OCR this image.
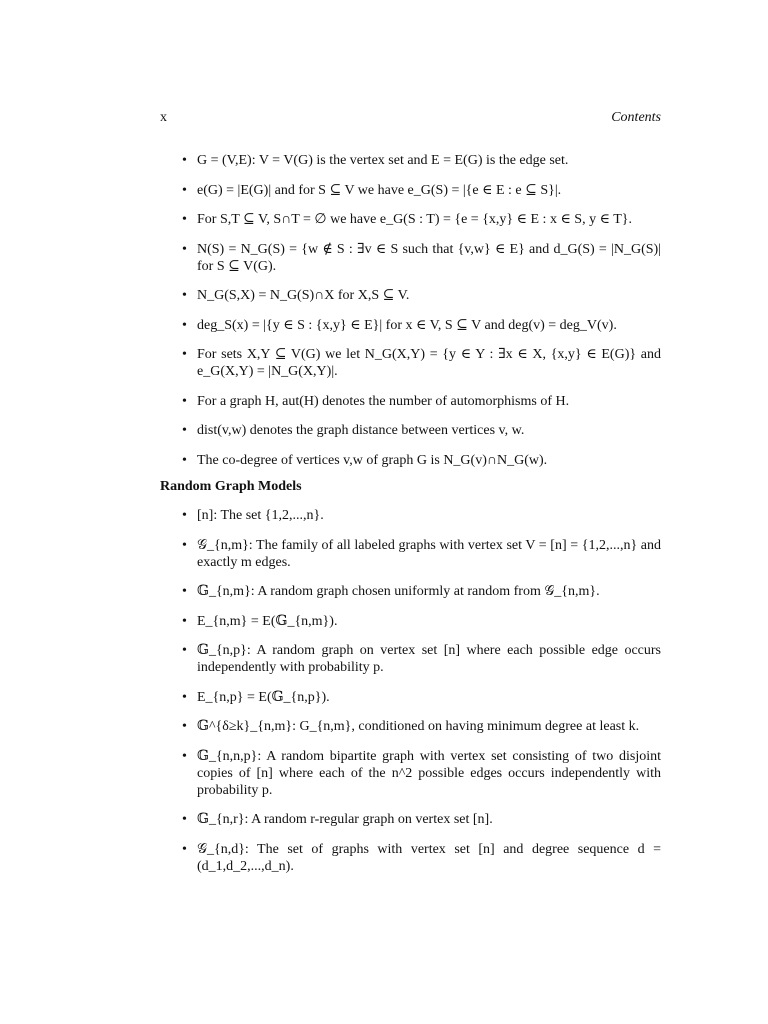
x	Contents
• G = (V,E): V = V(G) is the vertex set and E = E(G) is the edge set.
• e(G) = |E(G)| and for S ⊆ V we have e_G(S) = |{e ∈ E : e ⊆ S}|.
• For S,T ⊆ V, S∩T = ∅ we have e_G(S : T) = {e = {x,y} ∈ E : x ∈ S, y ∈ T}.
• N(S) = N_G(S) = {w ∉ S : ∃v ∈ S such that {v,w} ∈ E} and d_G(S) = |N_G(S)| for S ⊆ V(G).
• N_G(S,X) = N_G(S)∩X for X,S ⊆ V.
• deg_S(x) = |{y ∈ S : {x,y} ∈ E}| for x ∈ V, S ⊆ V and deg(v) = deg_V(v).
• For sets X,Y ⊆ V(G) we let N_G(X,Y) = {y ∈ Y : ∃x ∈ X, {x,y} ∈ E(G)} and e_G(X,Y) = |N_G(X,Y)|.
• For a graph H, aut(H) denotes the number of automorphisms of H.
• dist(v,w) denotes the graph distance between vertices v, w.
• The co-degree of vertices v,w of graph G is N_G(v)∩N_G(w).
Random Graph Models
• [n]: The set {1,2,...,n}.
• 𝒢_{n,m}: The family of all labeled graphs with vertex set V = [n] = {1,2,...,n} and exactly m edges.
• 𝔾_{n,m}: A random graph chosen uniformly at random from 𝒢_{n,m}.
• E_{n,m} = E(𝔾_{n,m}).
• 𝔾_{n,p}: A random graph on vertex set [n] where each possible edge occurs independently with probability p.
• E_{n,p} = E(𝔾_{n,p}).
• 𝔾^{δ≥k}_{n,m}: G_{n,m}, conditioned on having minimum degree at least k.
• 𝔾_{n,n,p}: A random bipartite graph with vertex set consisting of two disjoint copies of [n] where each of the n^2 possible edges occurs independently with probability p.
• 𝔾_{n,r}: A random r-regular graph on vertex set [n].
• 𝒢_{n,d}: The set of graphs with vertex set [n] and degree sequence d = (d_1,d_2,...,d_n).
